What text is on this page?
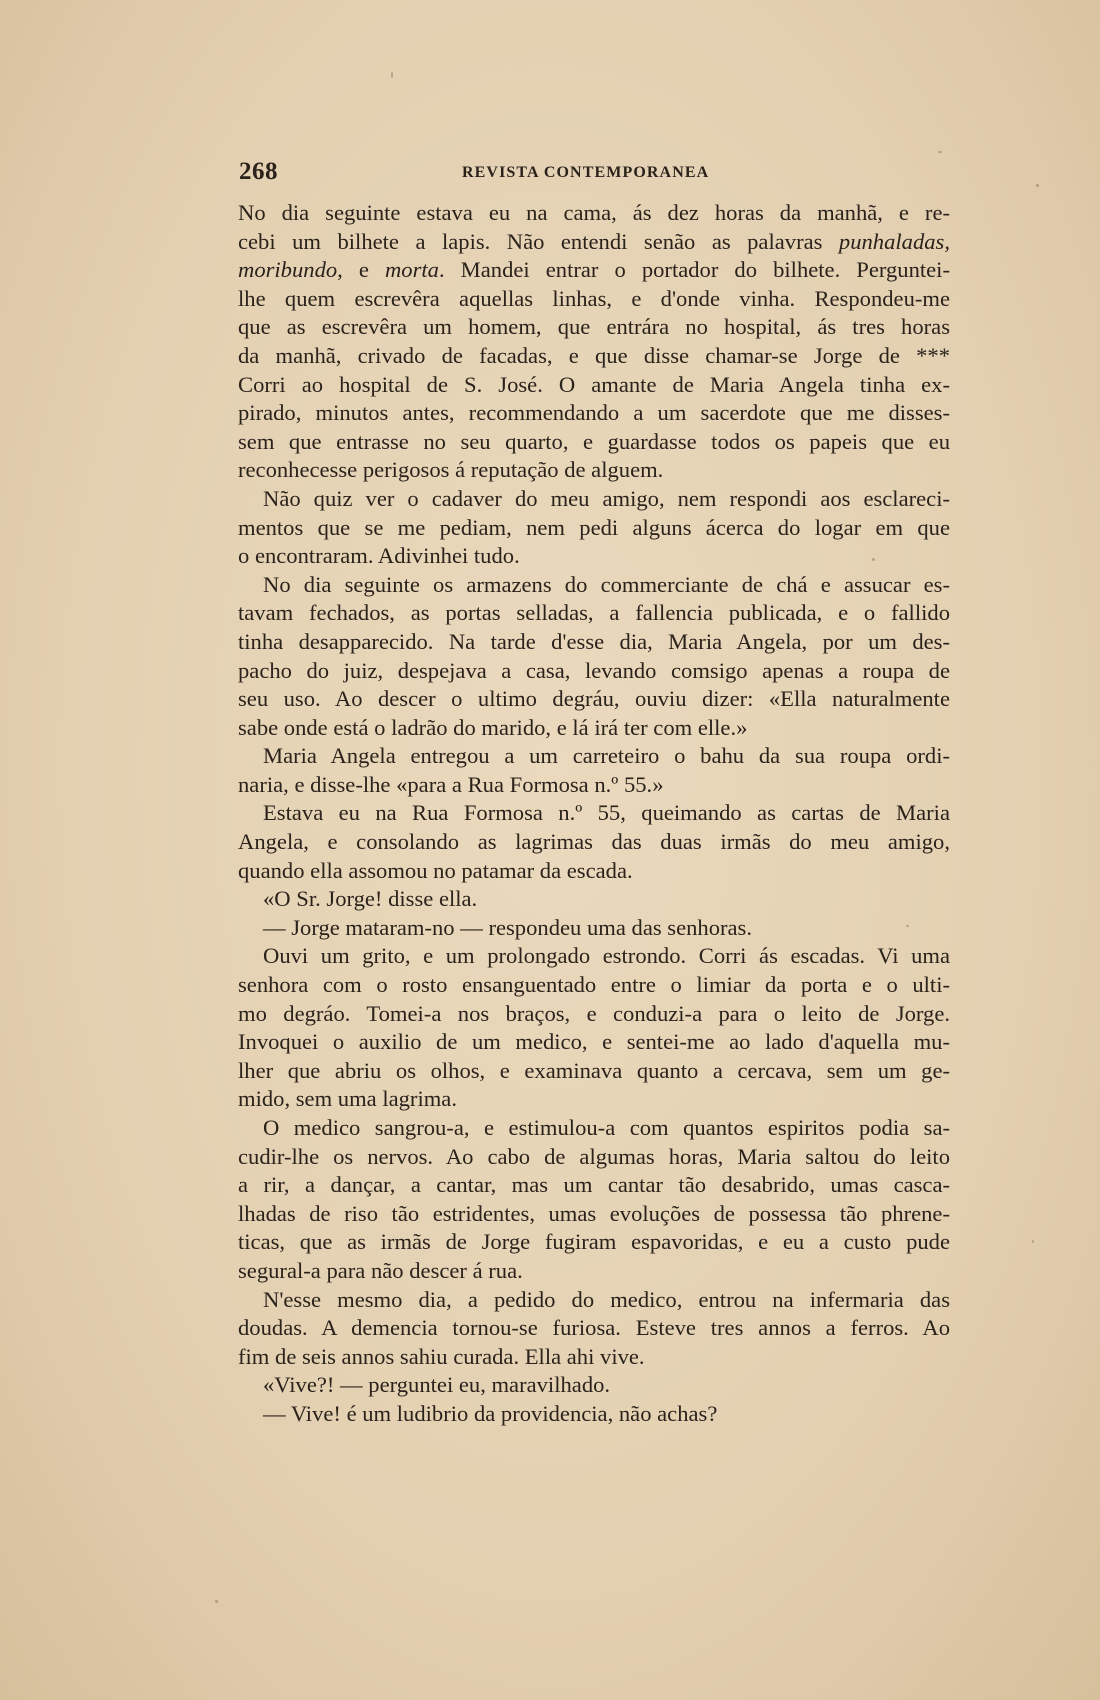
268	REVISTA CONTEMPORANEA
No dia seguinte estava eu na cama, ás dez horas da manhã, e re-
cebi um bilhete a lapis. Não entendi senão as palavras punhaladas,
moribundo, e morta. Mandei entrar o portador do bilhete. Perguntei-
lhe quem escrevêra aquellas linhas, e d'onde vinha. Respondeu-me
que as escrevêra um homem, que entrára no hospital, ás tres horas
da manhã, crivado de facadas, e que disse chamar-se Jorge de ***
Corri ao hospital de S. José. O amante de Maria Angela tinha ex-
pirado, minutos antes, recommendando a um sacerdote que me disses-
sem que entrasse no seu quarto, e guardasse todos os papeis que eu
reconhecesse perigosos á reputação de alguem.
Não quiz ver o cadaver do meu amigo, nem respondi aos esclareci-
mentos que se me pediam, nem pedi alguns ácerca do logar em que
o encontraram. Adivinhei tudo.
No dia seguinte os armazens do commerciante de chá e assucar es-
tavam fechados, as portas selladas, a fallencia publicada, e o fallido
tinha desapparecido. Na tarde d'esse dia, Maria Angela, por um des-
pacho do juiz, despejava a casa, levando comsigo apenas a roupa de
seu uso. Ao descer o ultimo degráu, ouviu dizer: «Ella naturalmente
sabe onde está o ladrão do marido, e lá irá ter com elle.»
Maria Angela entregou a um carreteiro o bahu da sua roupa ordi-
naria, e disse-lhe «para a Rua Formosa n.º 55.»
Estava eu na Rua Formosa n.º 55, queimando as cartas de Maria
Angela, e consolando as lagrimas das duas irmãs do meu amigo,
quando ella assomou no patamar da escada.
«O Sr. Jorge! disse ella.
— Jorge mataram-no — respondeu uma das senhoras.
Ouvi um grito, e um prolongado estrondo. Corri ás escadas. Vi uma
senhora com o rosto ensanguentado entre o limiar da porta e o ulti-
mo degráo. Tomei-a nos braços, e conduzi-a para o leito de Jorge.
Invoquei o auxilio de um medico, e sentei-me ao lado d'aquella mu-
lher que abriu os olhos, e examinava quanto a cercava, sem um ge-
mido, sem uma lagrima.
O medico sangrou-a, e estimulou-a com quantos espiritos podia sa-
cudir-lhe os nervos. Ao cabo de algumas horas, Maria saltou do leito
a rir, a dançar, a cantar, mas um cantar tão desabrido, umas casca-
lhadas de riso tão estridentes, umas evoluções de possessa tão phrene-
ticas, que as irmãs de Jorge fugiram espavoridas, e eu a custo pude
segural-a para não descer á rua.
N'esse mesmo dia, a pedido do medico, entrou na infermaria das
doudas. A demencia tornou-se furiosa. Esteve tres annos a ferros. Ao
fim de seis annos sahiu curada. Ella ahi vive.
«Vive?! — perguntei eu, maravilhado.
— Vive! é um ludibrio da providencia, não achas?
